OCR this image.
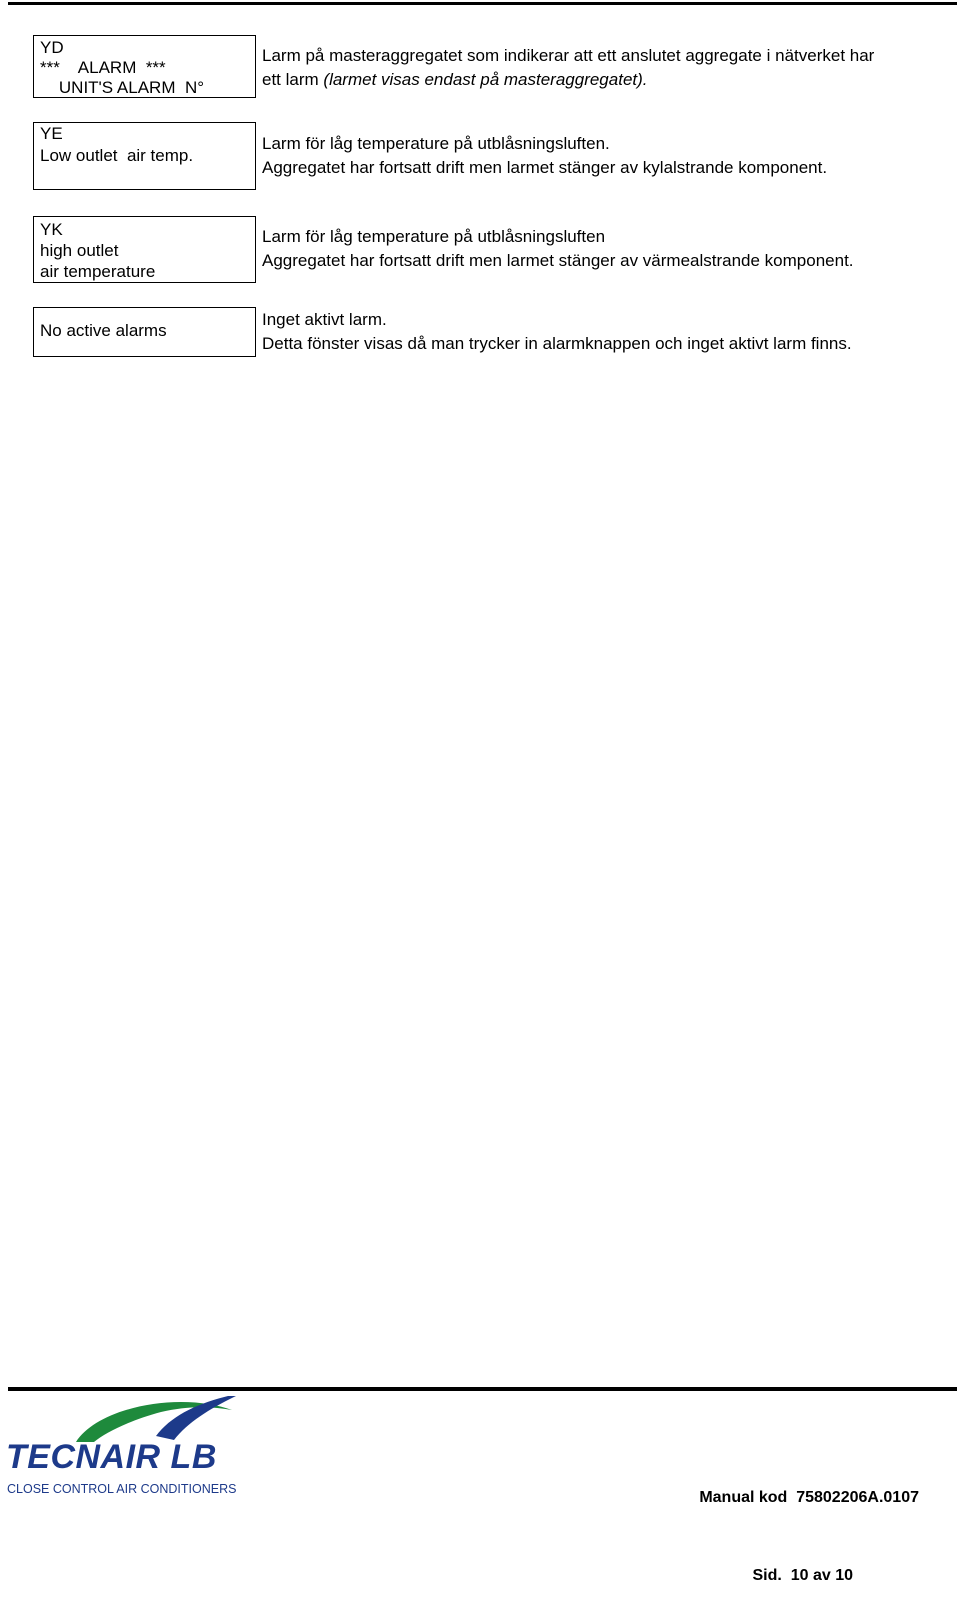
YD
***    ALARM  ***
UNIT'S ALARM  N°
Larm på masteraggregatet som indikerar att ett anslutet aggregate i nätverket har
ett larm (larmet visas endast på masteraggregatet).
YE
Low outlet  air temp.
Larm för låg temperature på utblåsningsluften.
Aggregatet har fortsatt drift men larmet stänger av kylalstrande komponent.
YK
high outlet
air temperature
Larm för låg temperature på utblåsningsluften
Aggregatet har fortsatt drift men larmet stänger av värmealstrande komponent.
No active alarms
Inget aktivt larm.
Detta fönster visas då man trycker in alarmknappen och inget aktivt larm finns.
TECNAIR LB
CLOSE CONTROL AIR CONDITIONERS

	Manual kod  75802206A.0107

Sid.  10 av 10
